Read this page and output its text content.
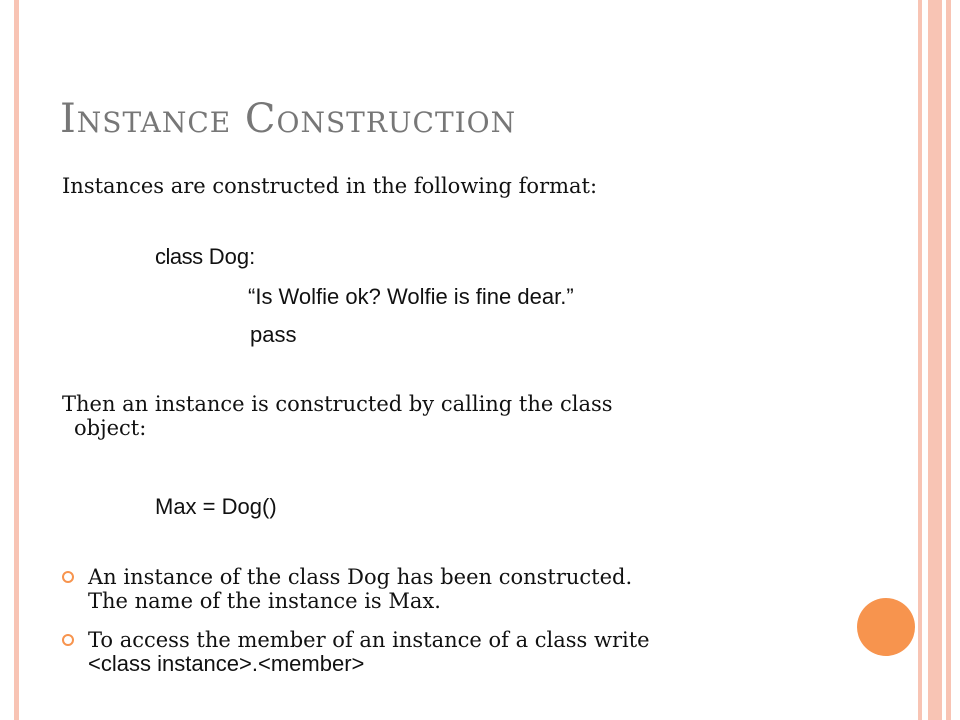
Instance Construction

Instances are constructed in the following format:

class Dog:
“Is Wolfie ok? Wolfie is fine dear.”
pass

Then an instance is constructed by calling the class
object:

Max = Dog()
An instance of the class Dog has been constructed.
The name of the instance is Max.
To access the member of an instance of a class write
<class instance>.<member>
